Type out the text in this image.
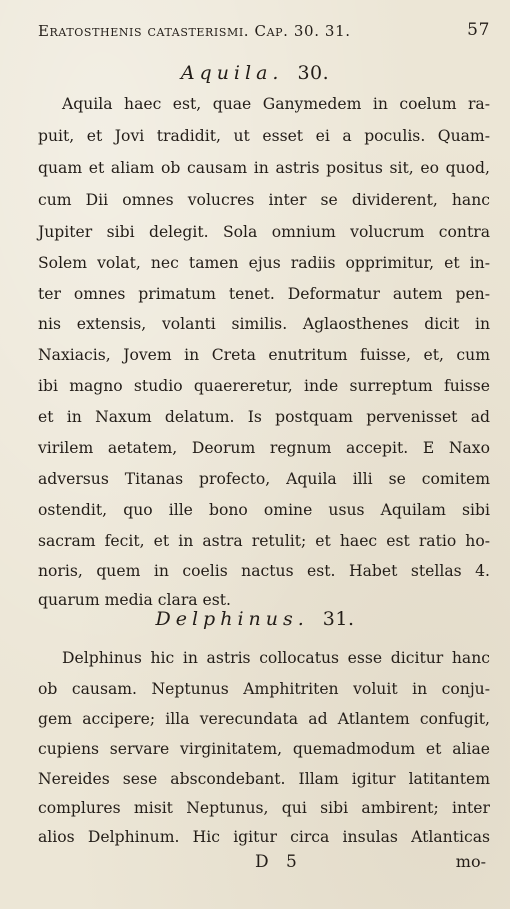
Eratosthenis catasterismi. Cap. 30. 31.	57
Aquila. 30.
Aquila haec est, quae Ganymedem in coelum ra-
puit, et Jovi tradidit, ut esset ei a poculis. Quam-
quam et aliam ob causam in astris positus sit, eo quod,
cum Dii omnes volucres inter se dividerent, hanc
Jupiter sibi delegit. Sola omnium volucrum contra
Solem volat, nec tamen ejus radiis opprimitur, et in-
ter omnes primatum tenet. Deformatur autem pen-
nis extensis, volanti similis. Aglaosthenes dicit in
Naxiacis, Jovem in Creta enutritum fuisse, et, cum
ibi magno studio quaereretur, inde surreptum fuisse
et in Naxum delatum. Is postquam pervenisset ad
virilem aetatem, Deorum regnum accepit. E Naxo
adversus Titanas profecto, Aquila illi se comitem
ostendit, quo ille bono omine usus Aquilam sibi
sacram fecit, et in astra retulit; et haec est ratio ho-
noris, quem in coelis nactus est. Habet stellas 4.
quarum media clara est.
Delphinus. 31.
Delphinus hic in astris collocatus esse dicitur hanc
ob causam. Neptunus Amphitriten voluit in conju-
gem accipere; illa verecundata ad Atlantem confugit,
cupiens servare virginitatem, quemadmodum et aliae
Nereides sese abscondebant. Illam igitur latitantem
complures misit Neptunus, qui sibi ambirent; inter
alios Delphinum. Hic igitur circa insulas Atlanticas
D 5	mo-
